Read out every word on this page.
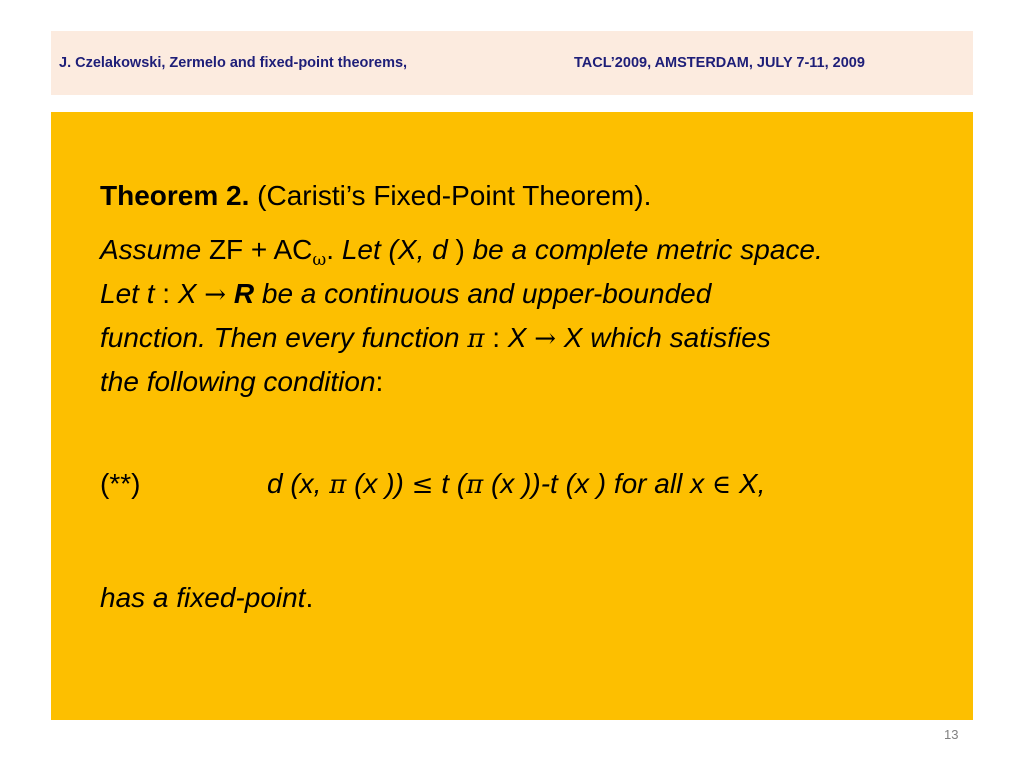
J. Czelakowski, Zermelo and fixed-point theorems,	TACL’2009, AMSTERDAM, JULY 7-11, 2009
Theorem 2. (Caristi’s Fixed-Point Theorem).
Assume ZF + $AC_\omega$. Let (X, d ) be a complete metric space.
Let t : X → R be a continuous and upper-bounded
function. Then every function π : X → X which satisfies
the following condition:
(**)	d (x, π (x )) ≤ t (π (x ))-t (x ) for all x ∈ X,
has a fixed-point.
13
